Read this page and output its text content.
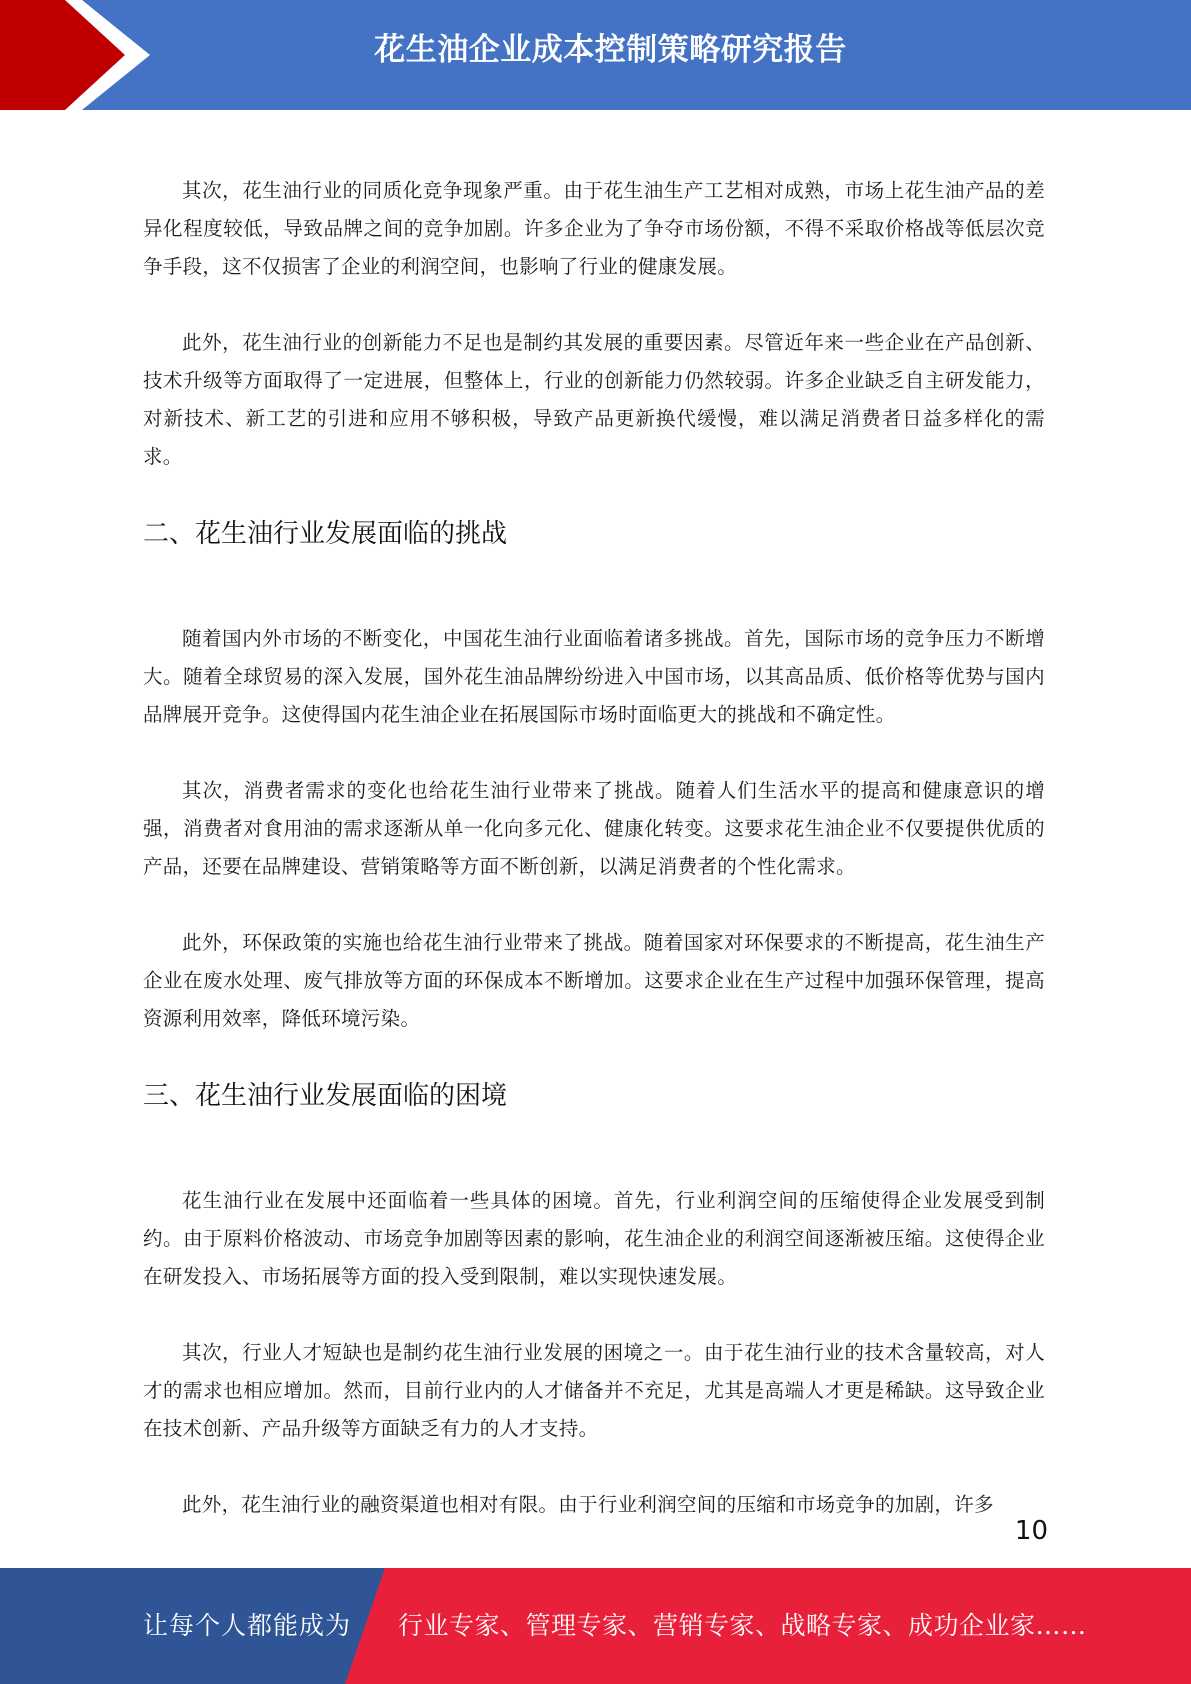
花生油企业成本控制策略研究报告

其次，花生油行业的同质化竞争现象严重。由于花生油生产工艺相对成熟，市场上花生油产品的差异化程度较低，导致品牌之间的竞争加剧。许多企业为了争夺市场份额，不得不采取价格战等低层次竞争手段，这不仅损害了企业的利润空间，也影响了行业的健康发展。

此外，花生油行业的创新能力不足也是制约其发展的重要因素。尽管近年来一些企业在产品创新、技术升级等方面取得了一定进展，但整体上，行业的创新能力仍然较弱。许多企业缺乏自主研发能力，对新技术、新工艺的引进和应用不够积极，导致产品更新换代缓慢，难以满足消费者日益多样化的需求。

二、花生油行业发展面临的挑战

随着国内外市场的不断变化，中国花生油行业面临着诸多挑战。首先，国际市场的竞争压力不断增大。随着全球贸易的深入发展，国外花生油品牌纷纷进入中国市场，以其高品质、低价格等优势与国内品牌展开竞争。这使得国内花生油企业在拓展国际市场时面临更大的挑战和不确定性。

其次，消费者需求的变化也给花生油行业带来了挑战。随着人们生活水平的提高和健康意识的增强，消费者对食用油的需求逐渐从单一化向多元化、健康化转变。这要求花生油企业不仅要提供优质的产品，还要在品牌建设、营销策略等方面不断创新，以满足消费者的个性化需求。

此外，环保政策的实施也给花生油行业带来了挑战。随着国家对环保要求的不断提高，花生油生产企业在废水处理、废气排放等方面的环保成本不断增加。这要求企业在生产过程中加强环保管理，提高资源利用效率，降低环境污染。

三、花生油行业发展面临的困境

花生油行业在发展中还面临着一些具体的困境。首先，行业利润空间的压缩使得企业发展受到制约。由于原料价格波动、市场竞争加剧等因素的影响，花生油企业的利润空间逐渐被压缩。这使得企业在研发投入、市场拓展等方面的投入受到限制，难以实现快速发展。

其次，行业人才短缺也是制约花生油行业发展的困境之一。由于花生油行业的技术含量较高，对人才的需求也相应增加。然而，目前行业内的人才储备并不充足，尤其是高端人才更是稀缺。这导致企业在技术创新、产品升级等方面缺乏有力的人才支持。

此外，花生油行业的融资渠道也相对有限。由于行业利润空间的压缩和市场竞争的加剧，许多

10
让每个人都能成为 行业专家、管理专家、营销专家、战略专家、成功企业家……
